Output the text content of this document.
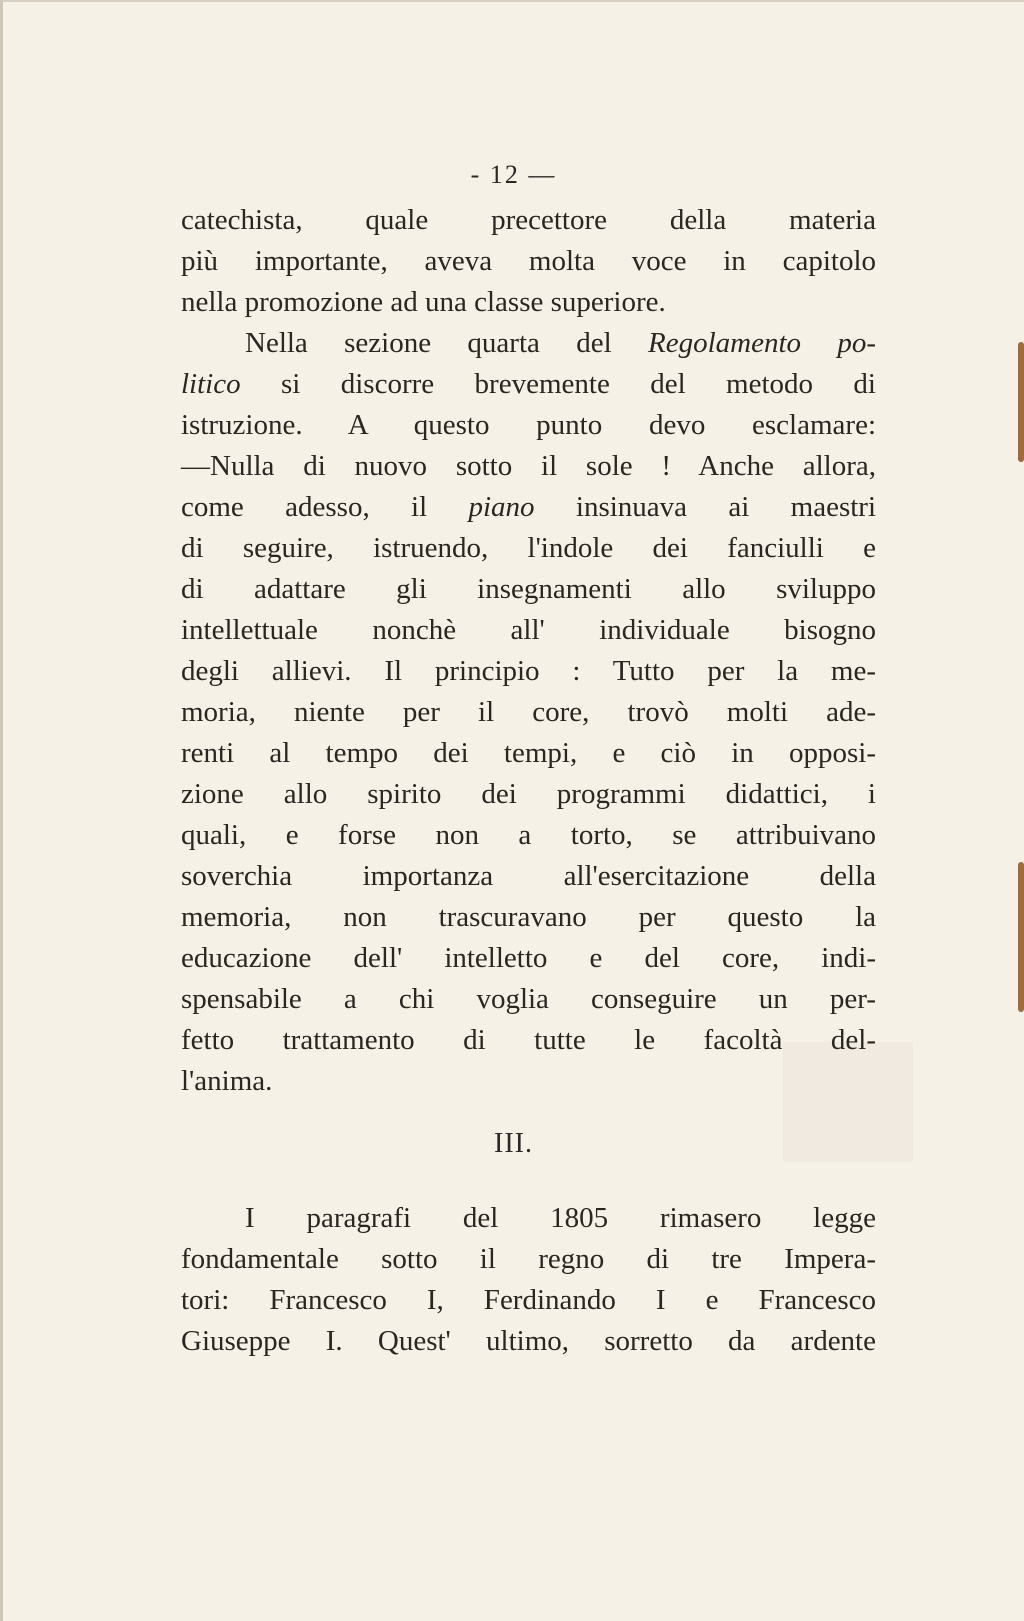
- 12 —
catechista, quale precettore della materia
più importante, aveva molta voce in capitolo
nella promozione ad una classe superiore.
Nella sezione quarta del Regolamento po-
litico si discorre brevemente del metodo di
istruzione. A questo punto devo esclamare:
—Nulla di nuovo sotto il sole ! Anche allora,
come adesso, il piano insinuava ai maestri
di seguire, istruendo, l'indole dei fanciulli e
di adattare gli insegnamenti allo sviluppo
intellettuale nonchè all' individuale bisogno
degli allievi. Il principio : Tutto per la me-
moria, niente per il core, trovò molti ade-
renti al tempo dei tempi, e ciò in opposi-
zione allo spirito dei programmi didattici, i
quali, e forse non a torto, se attribuivano
soverchia importanza all'esercitazione della
memoria, non trascuravano per questo la
educazione dell' intelletto e del core, indi-
spensabile a chi voglia conseguire un per-
fetto trattamento di tutte le facoltà del-
l'anima.
III.
I paragrafi del 1805 rimasero legge
fondamentale sotto il regno di tre Impera-
tori: Francesco I, Ferdinando I e Francesco
Giuseppe I. Quest' ultimo, sorretto da ardente
